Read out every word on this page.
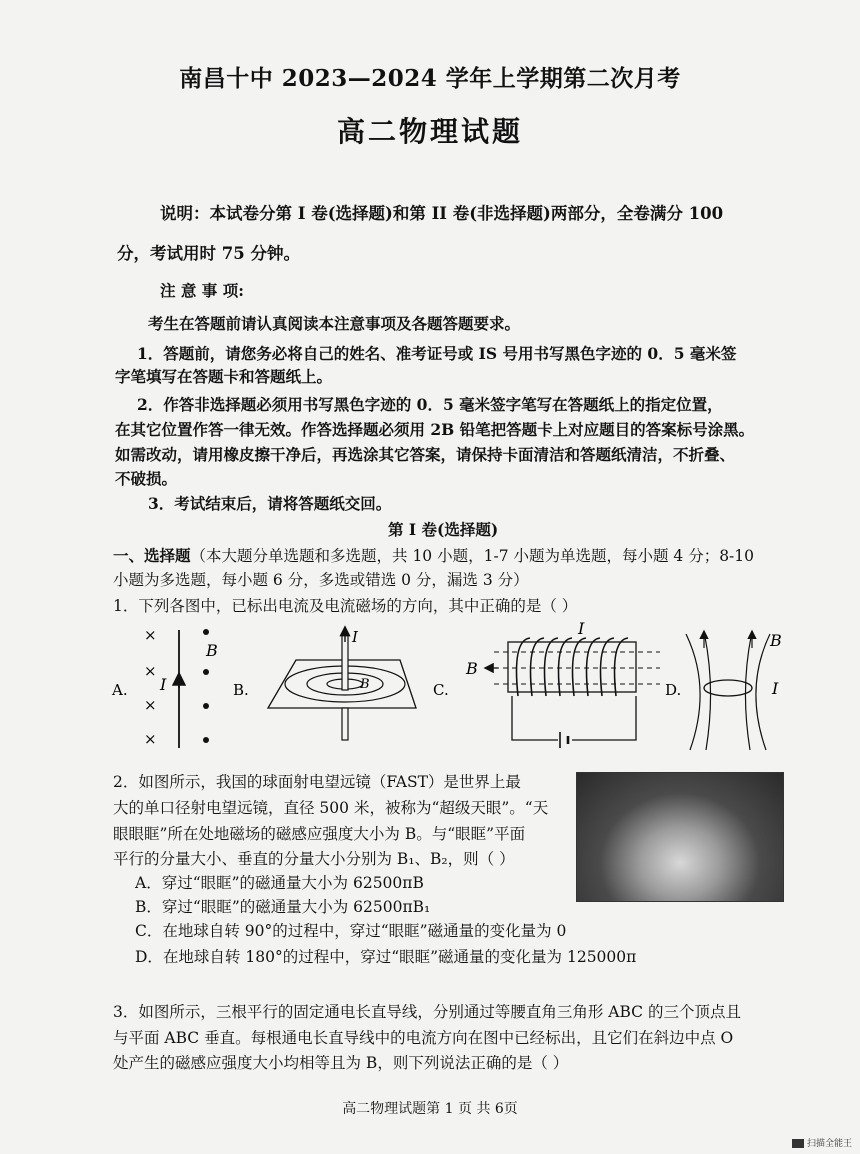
南昌十中 2023—2024 学年上学期第二次月考
高二物理试题
说明：本试卷分第 I 卷(选择题)和第 II 卷(非选择题)两部分，全卷满分 100
分，考试用时 75 分钟。
注 意 事 项:
考生在答题前请认真阅读本注意事项及各题答题要求。
1．答题前，请您务必将自己的姓名、准考证号或 IS 号用书写黑色字迹的 0．5 毫米签
字笔填写在答题卡和答题纸上。
2．作答非选择题必须用书写黑色字迹的 0．5 毫米签字笔写在答题纸上的指定位置，
在其它位置作答一律无效。作答选择题必须用 2B 铅笔把答题卡上对应题目的答案标号涂黑。
如需改动，请用橡皮擦干净后，再选涂其它答案，请保持卡面清洁和答题纸清洁，不折叠、
不破损。
3．考试结束后，请将答题纸交回。
第 I 卷(选择题)
一、选择题（本大题分单选题和多选题，共 10 小题，1-7 小题为单选题，每小题 4 分；8-10
小题为多选题，每小题 6 分，多选或错选 0 分，漏选 3 分）
1．下列各图中，已标出电流及电流磁场的方向，其中正确的是（ ）
A.
×
×
×
×
I
B
B.
I
B	C.
I
B
D.
B
I
2．如图所示，我国的球面射电望远镜（FAST）是世界上最
大的单口径射电望远镜，直径 500 米，被称为“超级天眼”。“天
眼眼眶”所在处地磁场的磁感应强度大小为 B。与“眼眶”平面
平行的分量大小、垂直的分量大小分别为 B₁、B₂，则（ ）
A．穿过“眼眶”的磁通量大小为 62500πB
B．穿过“眼眶”的磁通量大小为 62500πB₁
C．在地球自转 90°的过程中，穿过“眼眶”磁通量的变化量为 0
D．在地球自转 180°的过程中，穿过“眼眶”磁通量的变化量为 125000π
3．如图所示，三根平行的固定通电长直导线，分别通过等腰直角三角形 ABC 的三个顶点且
与平面 ABC 垂直。每根通电长直导线中的电流方向在图中已经标出，且它们在斜边中点 O
处产生的磁感应强度大小均相等且为 B，则下列说法正确的是（ ）
高二物理试题第 1 页 共 6页
扫描全能王
